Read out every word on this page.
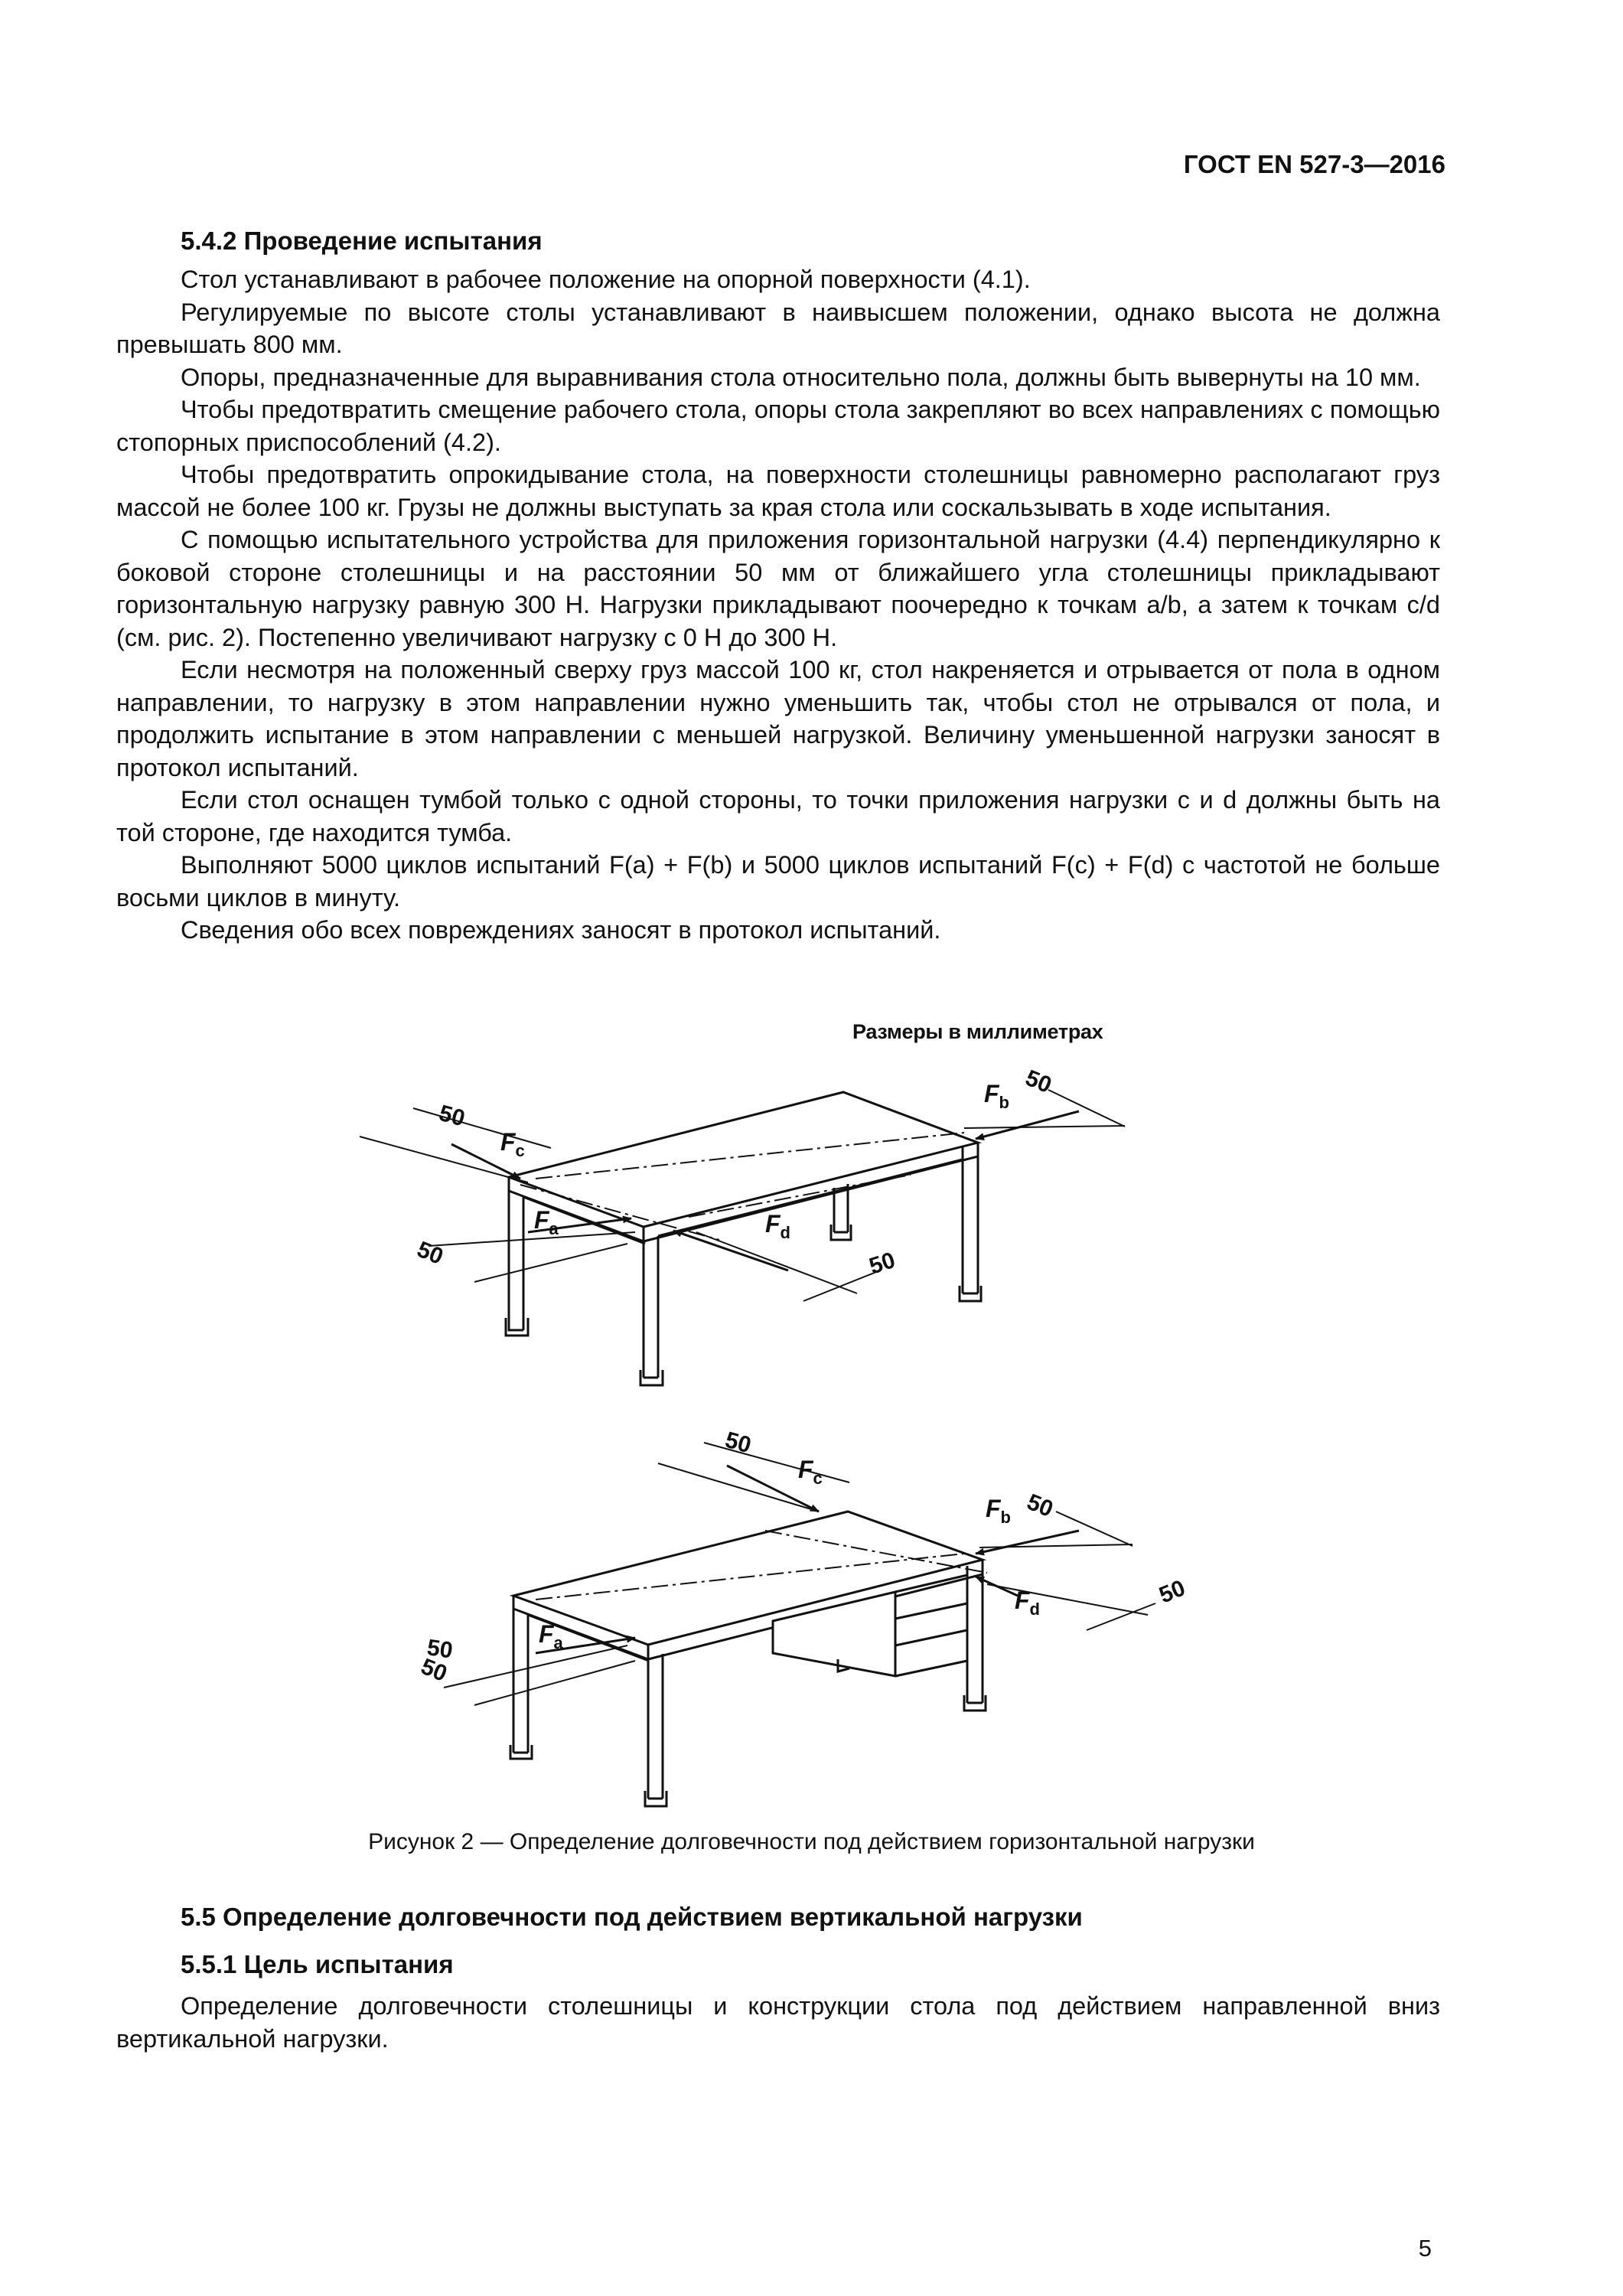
ГОСТ EN 527-3—2016
5.4.2 Проведение испытания

Стол устанавливают в рабочее положение на опорной поверхности (4.1).

Регулируемые по высоте столы устанавливают в наивысшем положении, однако высота не должна превышать 800 мм.

Опоры, предназначенные для выравнивания стола относительно пола, должны быть вывернуты на 10 мм.

Чтобы предотвратить смещение рабочего стола, опоры стола закрепляют во всех направлениях с помощью стопорных приспособлений (4.2).

Чтобы предотвратить опрокидывание стола, на поверхности столешницы равномерно располагают груз массой не более 100 кг. Грузы не должны выступать за края стола или соскальзывать в ходе испытания.

С помощью испытательного устройства для приложения горизонтальной нагрузки (4.4) перпендикулярно к боковой стороне столешницы и на расстоянии 50 мм от ближайшего угла столешницы прикладывают горизонтальную нагрузку равную 300 Н. Нагрузки прикладывают поочередно к точкам a/b, а затем к точкам c/d (см. рис. 2). Постепенно увеличивают нагрузку с 0 Н до 300 Н.

Если несмотря на положенный сверху груз массой 100 кг, стол накреняется и отрывается от пола в одном направлении, то нагрузку в этом направлении нужно уменьшить так, чтобы стол не отрывался от пола, и продолжить испытание в этом направлении с меньшей нагрузкой. Величину уменьшенной нагрузки заносят в протокол испытаний.

Если стол оснащен тумбой только с одной стороны, то точки приложения нагрузки c и d должны быть на той стороне, где находится тумба.

Выполняют 5000 циклов испытаний F(a) + F(b) и 5000 циклов испытаний F(c) + F(d) с частотой не больше восьми циклов в минуту.

Сведения обо всех повреждениях заносят в протокол испытаний.

Размеры в миллиметрах
50
50
50	50
50
50
50
50
50
$F_c$
$F_b$
$F_a$	$F_d$
$F_c$
$F_b$
$F_a$
$F_d$
Рисунок 2 — Определение долговечности под действием горизонтальной нагрузки
5.5 Определение долговечности под действием вертикальной нагрузки
5.5.1 Цель испытания

Определение долговечности столешницы и конструкции стола под действием направленной вниз вертикальной нагрузки.

5
